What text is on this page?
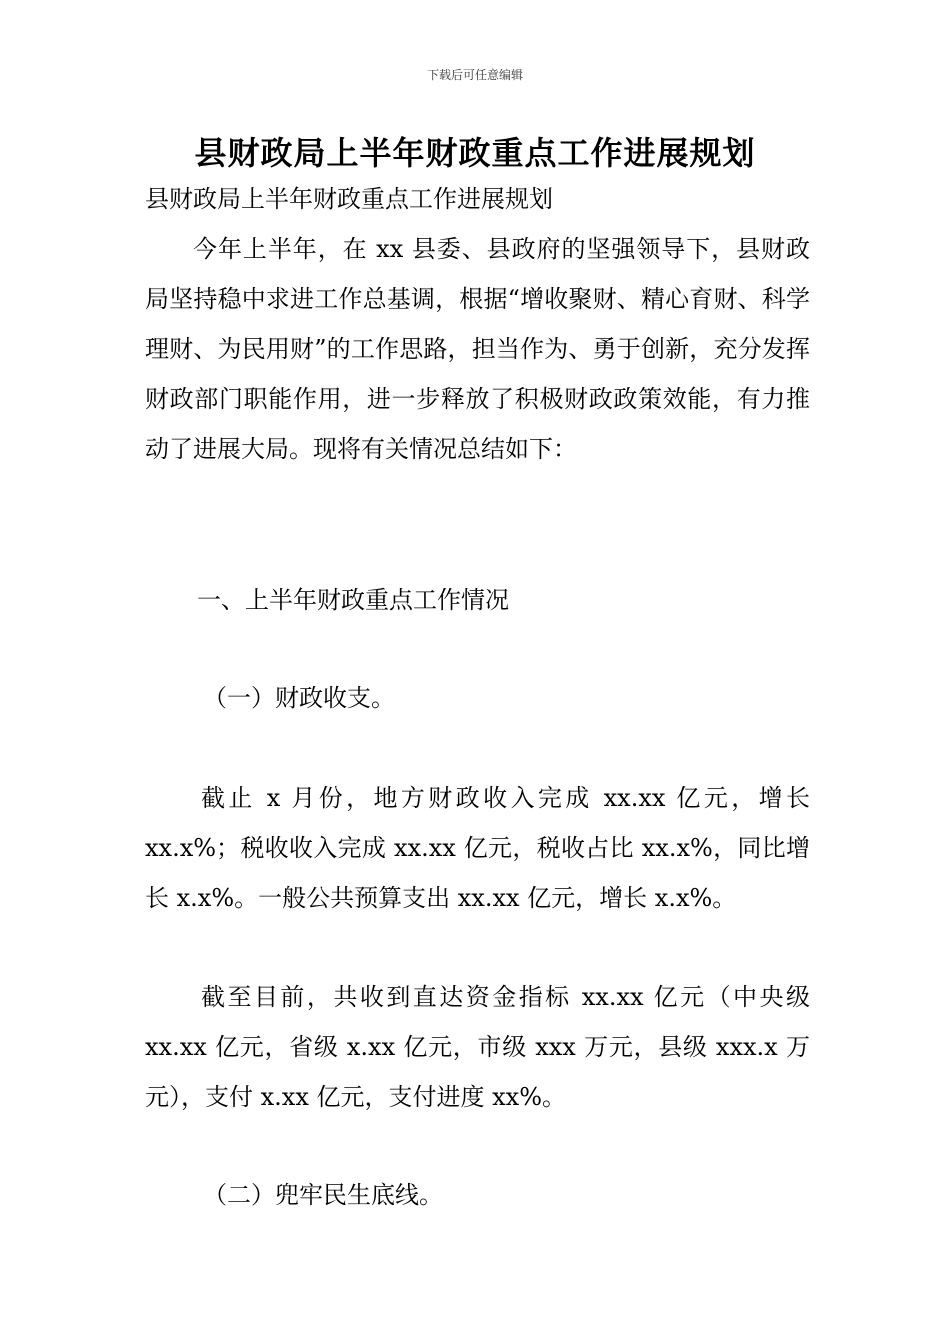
下载后可任意编辑
县财政局上半年财政重点工作进展规划

县财政局上半年财政重点工作进展规划

今年上半年，在 xx 县委、县政府的坚强领导下，县财政局坚持稳中求进工作总基调，根据“增收聚财、精心育财、科学理财、为民用财”的工作思路，担当作为、勇于创新，充分发挥财政部门职能作用，进一步释放了积极财政政策效能，有力推动了进展大局。现将有关情况总结如下：

一、上半年财政重点工作情况

（一）财政收支。

截止 x 月份，地方财政收入完成 xx.xx 亿元，增长 xx.x%；税收收入完成 xx.xx 亿元，税收占比 xx.x%，同比增长 x.x%。一般公共预算支出 xx.xx 亿元，增长 x.x%。

截至目前，共收到直达资金指标 xx.xx 亿元（中央级 xx.xx 亿元，省级 x.xx 亿元，市级 xxx 万元，县级 xxx.x 万元），支付 x.xx 亿元，支付进度 xx%。

（二）兜牢民生底线。
